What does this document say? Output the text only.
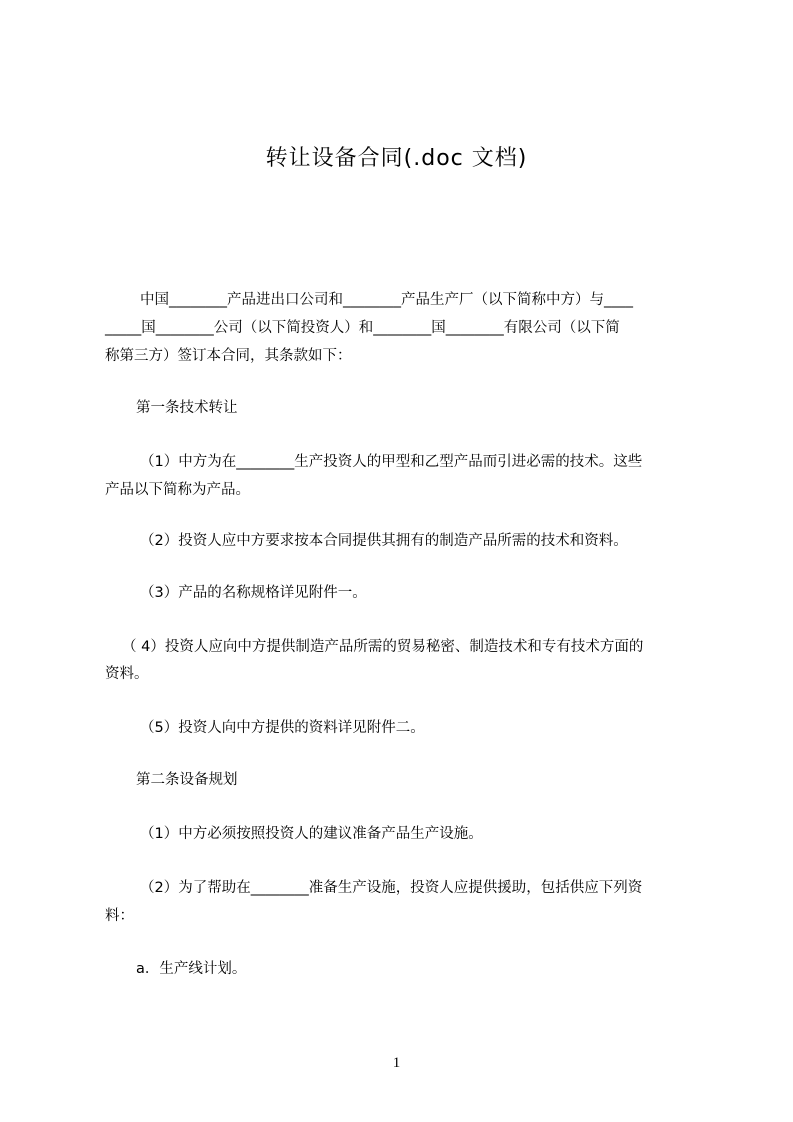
转让设备合同(.doc 文档)
中国________产品进出口公司和________产品生产厂（以下简称中方）与____
_____国________公司（以下简投资人）和________国________有限公司（以下简
称第三方）签订本合同，其条款如下：
第一条技术转让
（1）中方为在________生产投资人的甲型和乙型产品而引进必需的技术。这些
产品以下简称为产品。
（2）投资人应中方要求按本合同提供其拥有的制造产品所需的技术和资料。
（3）产品的名称规格详见附件一。
（ 4）投资人应向中方提供制造产品所需的贸易秘密、制造技术和专有技术方面的
资料。
（5）投资人向中方提供的资料详见附件二。
第二条设备规划
（1）中方必须按照投资人的建议准备产品生产设施。
（2）为了帮助在________准备生产设施，投资人应提供援助，包括供应下列资
料：
a．生产线计划。
1
